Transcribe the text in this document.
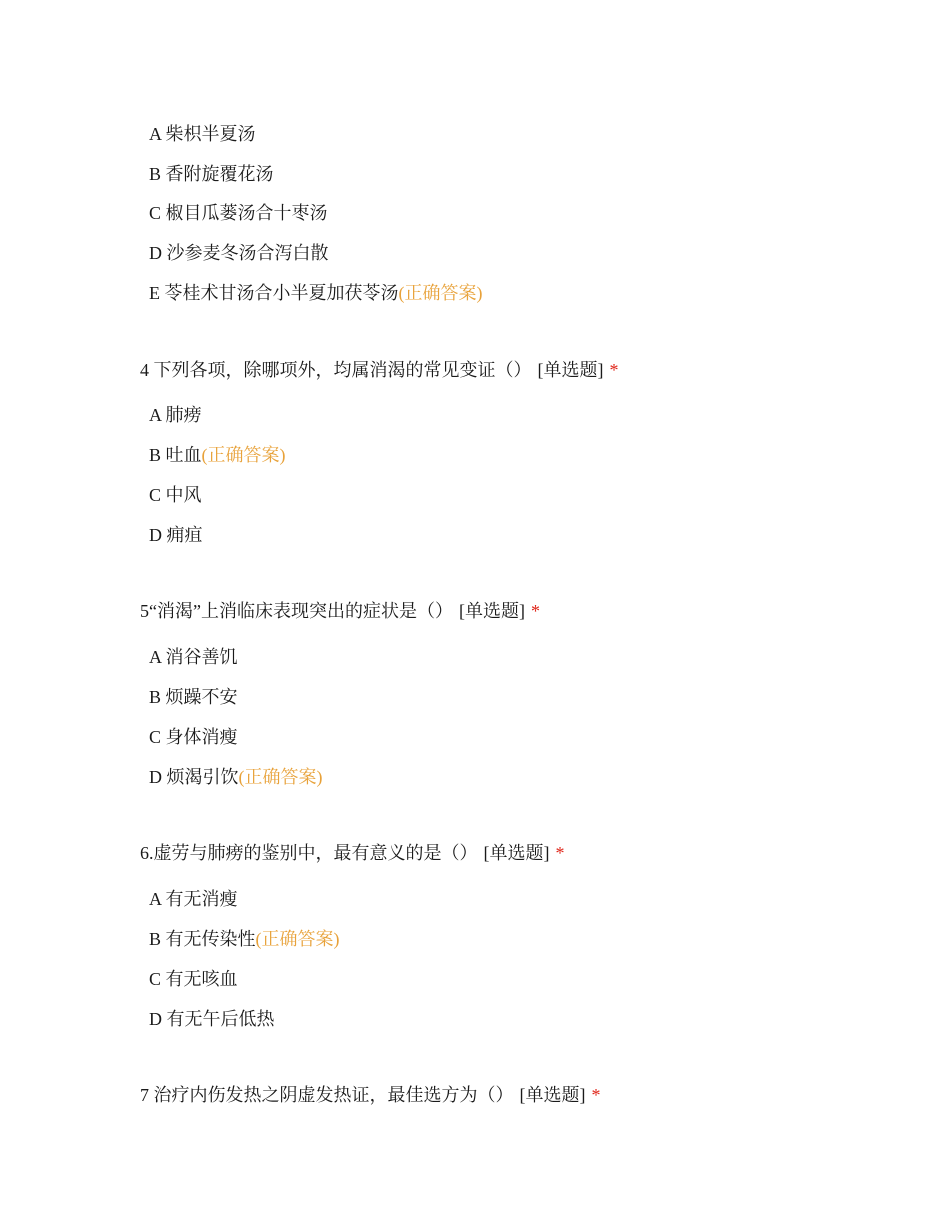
A 柴枳半夏汤
B 香附旋覆花汤
C 椒目瓜蒌汤合十枣汤
D 沙参麦冬汤合泻白散
E 苓桂术甘汤合小半夏加茯苓汤(正确答案)
4 下列各项，除哪项外，均属消渴的常见变证（） [单选题] *
A 肺痨
B 吐血(正确答案)
C 中风
D 痈疽
5“消渴”上消临床表现突出的症状是（） [单选题] *
A 消谷善饥
B 烦躁不安
C 身体消瘦
D 烦渴引饮(正确答案)
6.虚劳与肺痨的鉴别中，最有意义的是（） [单选题] *
A 有无消瘦
B 有无传染性(正确答案)
C 有无咳血
D 有无午后低热
7 治疗内伤发热之阴虚发热证，最佳选方为（） [单选题] *
